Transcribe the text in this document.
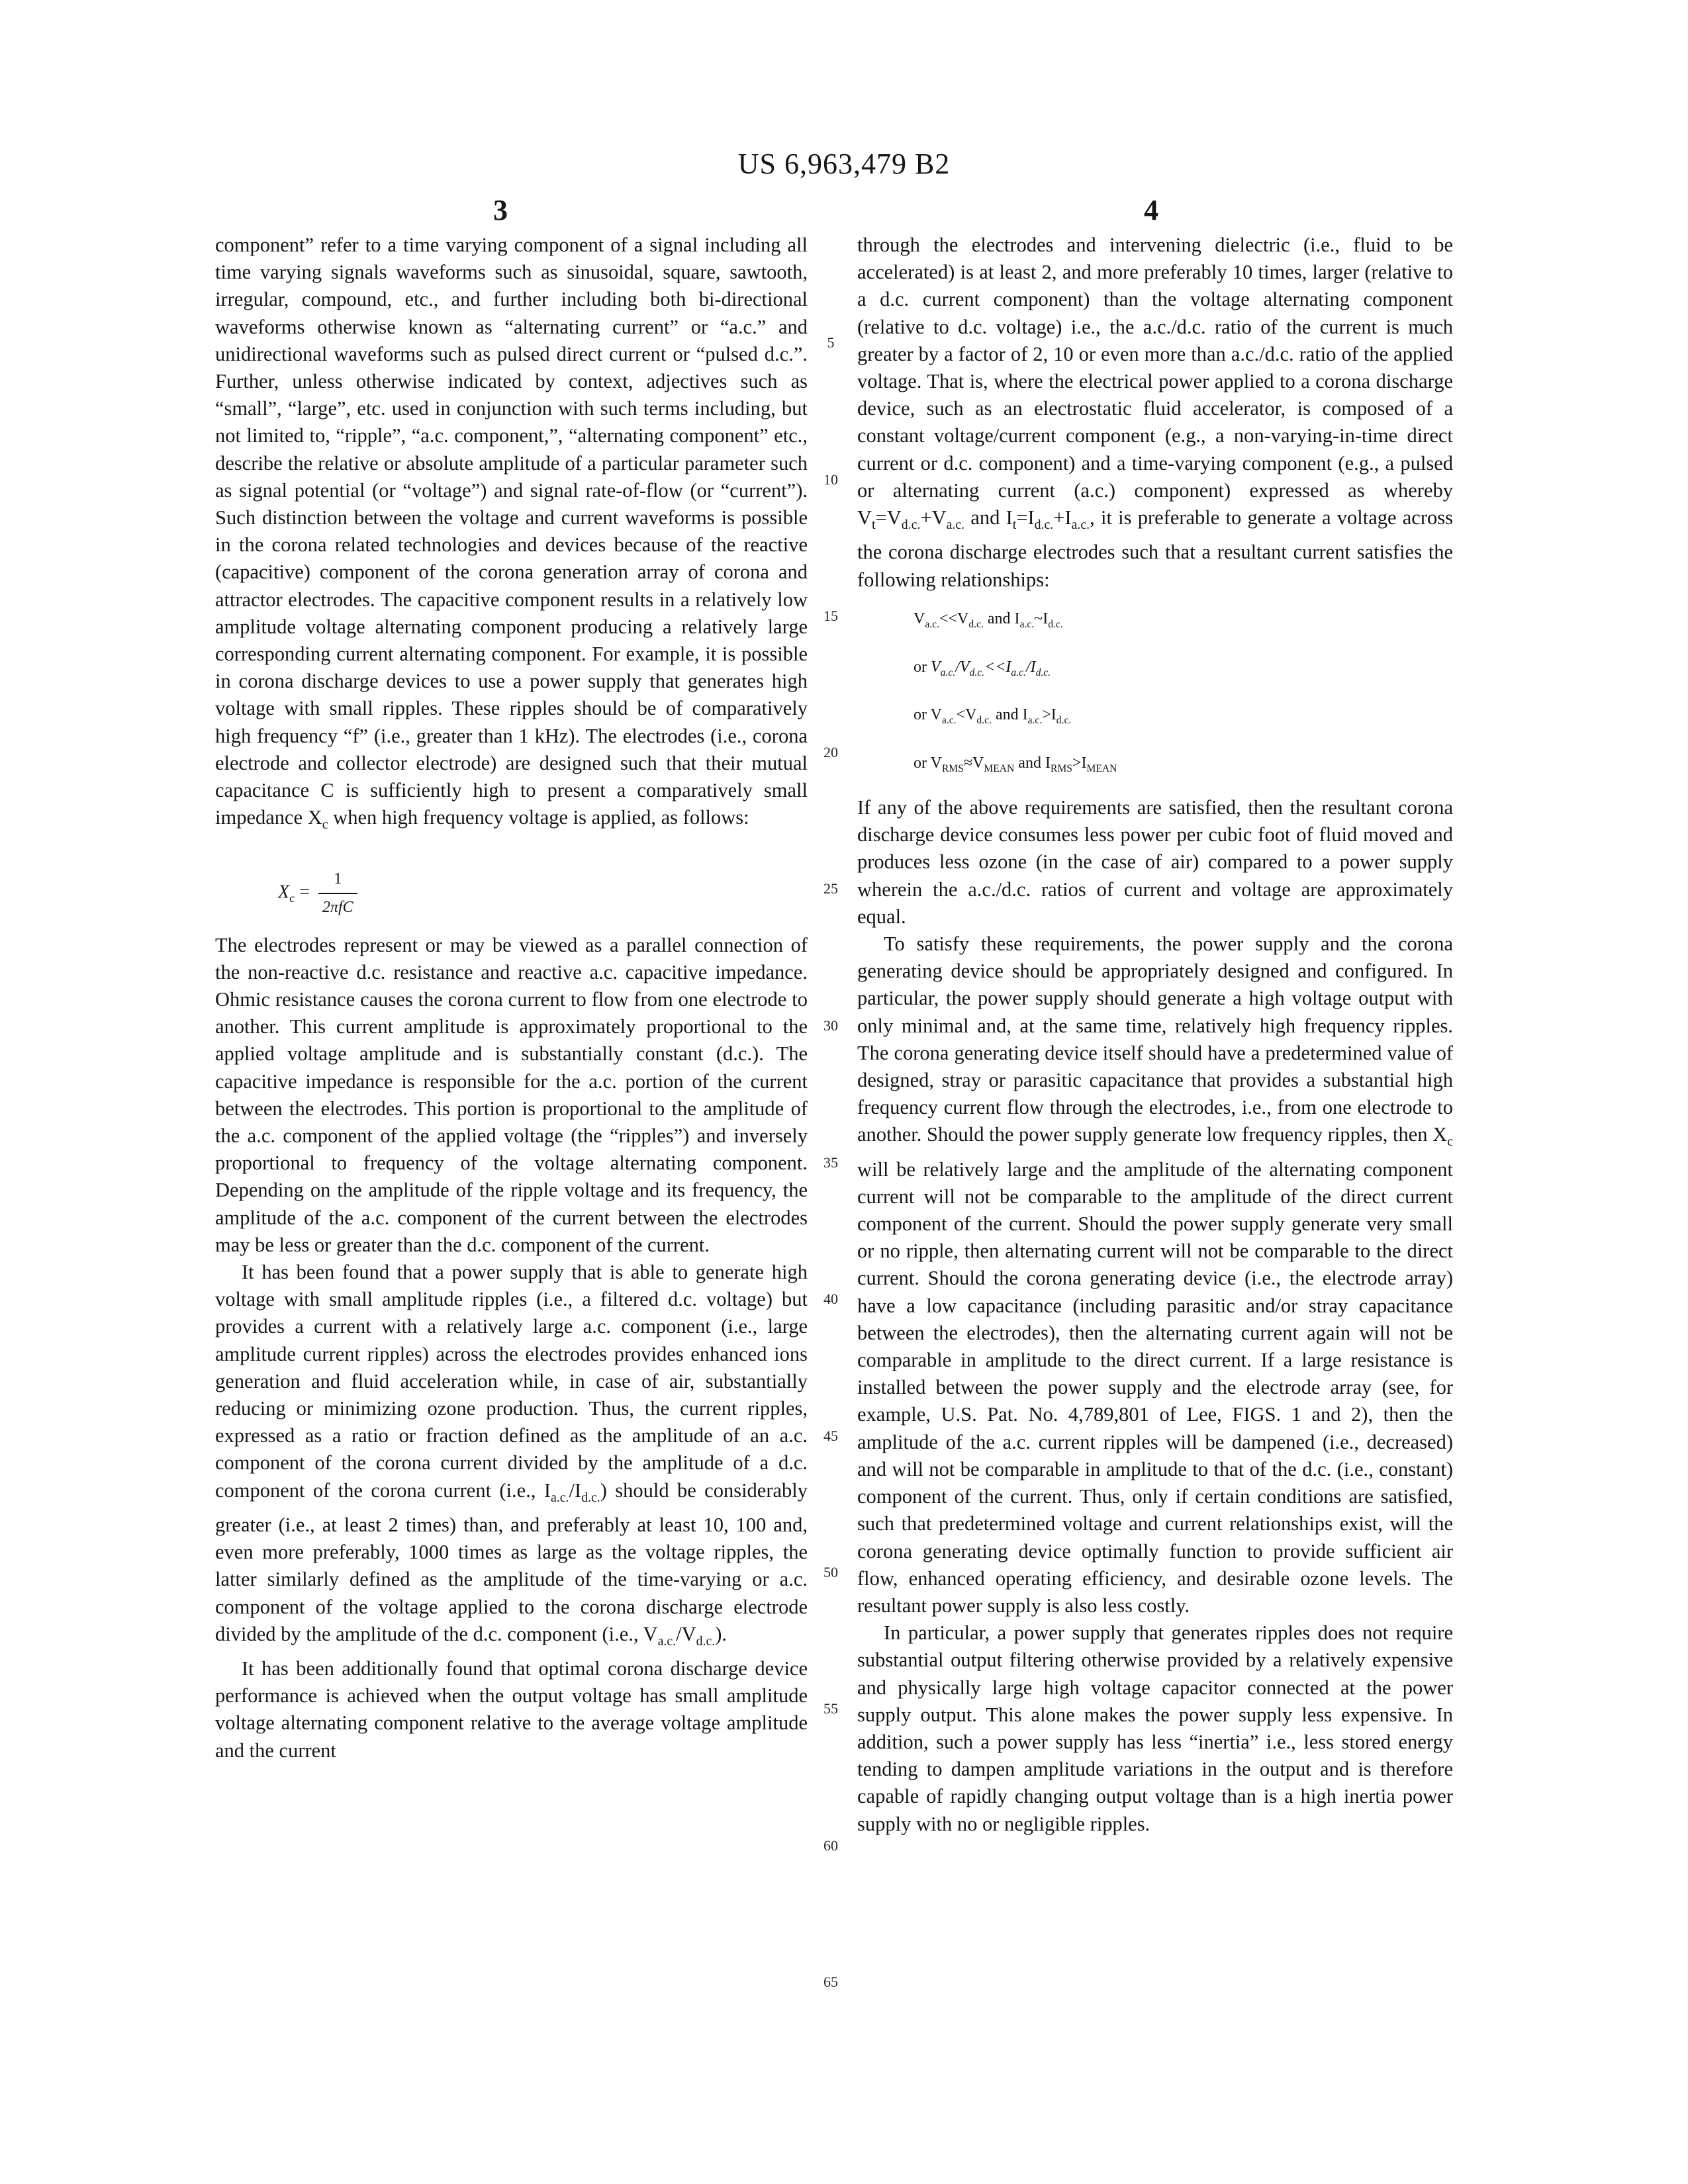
US 6,963,479 B2
3	4

component” refer to a time varying component of a signal including all time varying signals waveforms such as sinusoidal, square, sawtooth, irregular, compound, etc., and further including both bi-directional waveforms otherwise known as “alternating current” or “a.c.” and unidirectional waveforms such as pulsed direct current or “pulsed d.c.”. Further, unless otherwise indicated by context, adjectives such as “small”, “large”, etc. used in conjunction with such terms including, but not limited to, “ripple”, “a.c. component,”, “alternating component” etc., describe the relative or absolute amplitude of a particular parameter such as signal potential (or “voltage”) and signal rate-of-flow (or “current”). Such distinction between the voltage and current waveforms is possible in the corona related technologies and devices because of the reactive (capacitive) component of the corona generation array of corona and attractor electrodes. The capacitive component results in a relatively low amplitude voltage alternating component producing a relatively large corresponding current alternating component. For example, it is possible in corona discharge devices to use a power supply that generates high voltage with small ripples. These ripples should be of comparatively high frequency “f” (i.e., greater than 1 kHz). The electrodes (i.e., corona electrode and collector electrode) are designed such that their mutual capacitance C is sufficiently high to present a comparatively small impedance $X_c$ when high frequency voltage is applied, as follows:

$X_c = \frac{1}{\text{2πfC}}$

The electrodes represent or may be viewed as a parallel connection of the non-reactive d.c. resistance and reactive a.c. capacitive impedance. Ohmic resistance causes the corona current to flow from one electrode to another. This current amplitude is approximately proportional to the applied voltage amplitude and is substantially constant (d.c.). The capacitive impedance is responsible for the a.c. portion of the current between the electrodes. This portion is proportional to the amplitude of the a.c. component of the applied voltage (the “ripples”) and inversely proportional to frequency of the voltage alternating component. Depending on the amplitude of the ripple voltage and its frequency, the amplitude of the a.c. component of the current between the electrodes may be less or greater than the d.c. component of the current.

It has been found that a power supply that is able to generate high voltage with small amplitude ripples (i.e., a filtered d.c. voltage) but provides a current with a relatively large a.c. component (i.e., large amplitude current ripples) across the electrodes provides enhanced ions generation and fluid acceleration while, in case of air, substantially reducing or minimizing ozone production. Thus, the current ripples, expressed as a ratio or fraction defined as the amplitude of an a.c. component of the corona current divided by the amplitude of a d.c. component of the corona current (i.e., $I_{a.c.}/I_{d.c.}$) should be considerably greater (i.e., at least 2 times) than, and preferably at least 10, 100 and, even more preferably, 1000 times as large as the voltage ripples, the latter similarly defined as the amplitude of the time-varying or a.c. component of the voltage applied to the corona discharge electrode divided by the amplitude of the d.c. component (i.e., $V_{a.c.}/V_{d.c.}$).

It has been additionally found that optimal corona discharge device performance is achieved when the output voltage has small amplitude voltage alternating component relative to the average voltage amplitude and the current

5
10
15
20
25
30
35
40
45
50
55
60
65

through the electrodes and intervening dielectric (i.e., fluid to be accelerated) is at least 2, and more preferably 10 times, larger (relative to a d.c. current component) than the voltage alternating component (relative to d.c. voltage) i.e., the a.c./d.c. ratio of the current is much greater by a factor of 2, 10 or even more than a.c./d.c. ratio of the applied voltage. That is, where the electrical power applied to a corona discharge device, such as an electrostatic fluid accelerator, is composed of a constant voltage/current component (e.g., a non-varying-in-time direct current or d.c. component) and a time-varying component (e.g., a pulsed or alternating current (a.c.) component) expressed as whereby $V_t=V_{d.c.}+V_{a.c.}$ and $I_t=I_{d.c.}+I_{a.c.}$, it is preferable to generate a voltage across the corona discharge electrodes such that a resultant current satisfies the following relationships:

$V_{a.c.}<<V_{d.c.}$ and $I_{a.c.}\sim I_{d.c.}$
or $V_{a.c.}/V_{d.c.}<<I_{a.c.}/I_{d.c.}$
or $V_{a.c.}<V_{d.c.}$ and $I_{a.c.}>I_{d.c.}$
or $V_{RMS}\approx V_{MEAN}$ and $I_{RMS}>I_{MEAN}$

If any of the above requirements are satisfied, then the resultant corona discharge device consumes less power per cubic foot of fluid moved and produces less ozone (in the case of air) compared to a power supply wherein the a.c./d.c. ratios of current and voltage are approximately equal.

To satisfy these requirements, the power supply and the corona generating device should be appropriately designed and configured. In particular, the power supply should generate a high voltage output with only minimal and, at the same time, relatively high frequency ripples. The corona generating device itself should have a predetermined value of designed, stray or parasitic capacitance that provides a substantial high frequency current flow through the electrodes, i.e., from one electrode to another. Should the power supply generate low frequency ripples, then $X_c$ will be relatively large and the amplitude of the alternating component current will not be comparable to the amplitude of the direct current component of the current. Should the power supply generate very small or no ripple, then alternating current will not be comparable to the direct current. Should the corona generating device (i.e., the electrode array) have a low capacitance (including parasitic and/or stray capacitance between the electrodes), then the alternating current again will not be comparable in amplitude to the direct current. If a large resistance is installed between the power supply and the electrode array (see, for example, U.S. Pat. No. 4,789,801 of Lee, FIGS. 1 and 2), then the amplitude of the a.c. current ripples will be dampened (i.e., decreased) and will not be comparable in amplitude to that of the d.c. (i.e., constant) component of the current. Thus, only if certain conditions are satisfied, such that predetermined voltage and current relationships exist, will the corona generating device optimally function to provide sufficient air flow, enhanced operating efficiency, and desirable ozone levels. The resultant power supply is also less costly.

In particular, a power supply that generates ripples does not require substantial output filtering otherwise provided by a relatively expensive and physically large high voltage capacitor connected at the power supply output. This alone makes the power supply less expensive. In addition, such a power supply has less “inertia” i.e., less stored energy tending to dampen amplitude variations in the output and is therefore capable of rapidly changing output voltage than is a high inertia power supply with no or negligible ripples.
